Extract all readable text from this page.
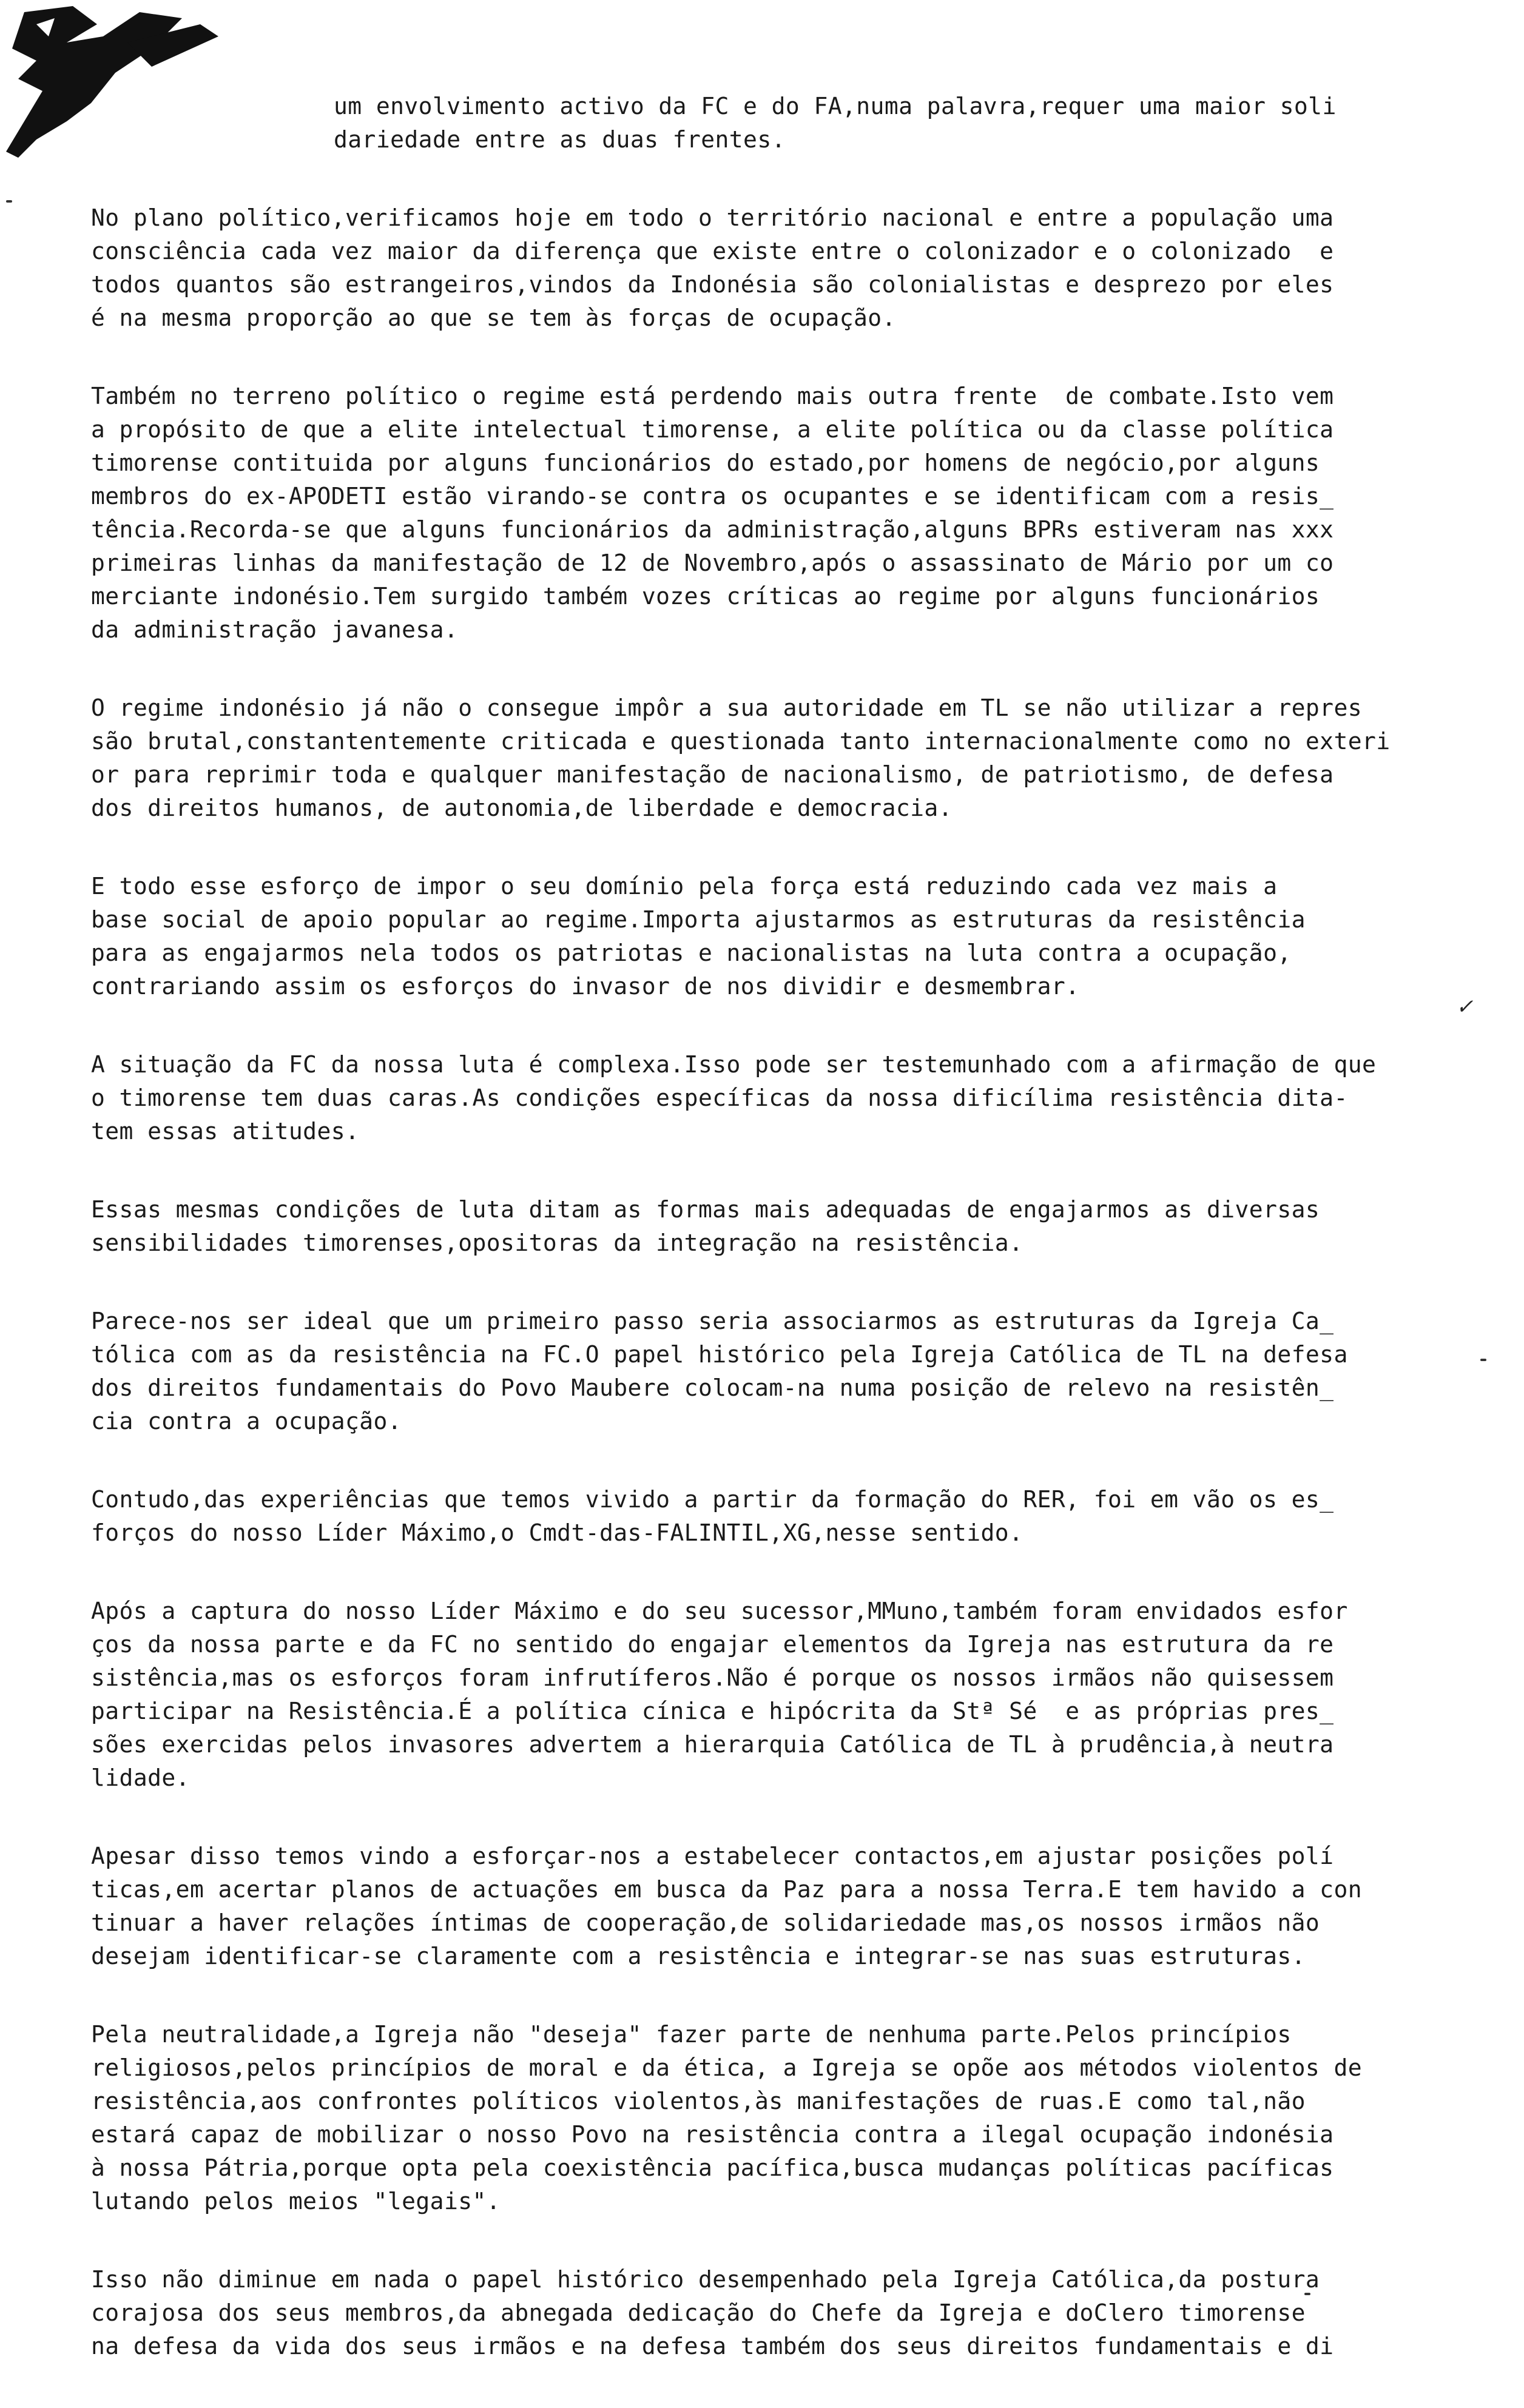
um envolvimento activo da FC e do FA,numa palavra,requer uma maior soli
dariedade entre as duas frentes.
No plano político,verificamos hoje em todo o território nacional e entre a população uma
consciência cada vez maior da diferença que existe entre o colonizador e o colonizado  e
todos quantos são estrangeiros,vindos da Indonésia são colonialistas e desprezo por eles
é na mesma proporção ao que se tem às forças de ocupação.
Também no terreno político o regime está perdendo mais outra frente  de combate.Isto vem
a propósito de que a elite intelectual timorense, a elite política ou da classe política
timorense contituida por alguns funcionários do estado,por homens de negócio,por alguns
membros do ex-APODETI estão virando-se contra os ocupantes e se identificam com a resis_
tência.Recorda-se que alguns funcionários da administração,alguns BPRs estiveram nas xxx
primeiras linhas da manifestação de 12 de Novembro,após o assassinato de Mário por um co
merciante indonésio.Tem surgido também vozes críticas ao regime por alguns funcionários
da administração javanesa.
O regime indonésio já não o consegue impôr a sua autoridade em TL se não utilizar a repres
são brutal,constantentemente criticada e questionada tanto internacionalmente como no exteri
or para reprimir toda e qualquer manifestação de nacionalismo, de patriotismo, de defesa
dos direitos humanos, de autonomia,de liberdade e democracia.
E todo esse esforço de impor o seu domínio pela força está reduzindo cada vez mais a
base social de apoio popular ao regime.Importa ajustarmos as estruturas da resistência
para as engajarmos nela todos os patriotas e nacionalistas na luta contra a ocupação,
contrariando assim os esforços do invasor de nos dividir e desmembrar.
A situação da FC da nossa luta é complexa.Isso pode ser testemunhado com a afirmação de que
o timorense tem duas caras.As condições específicas da nossa dificílima resistência dita-
tem essas atitudes.
Essas mesmas condições de luta ditam as formas mais adequadas de engajarmos as diversas
sensibilidades timorenses,opositoras da integração na resistência.
Parece-nos ser ideal que um primeiro passo seria associarmos as estruturas da Igreja Ca_
tólica com as da resistência na FC.O papel histórico pela Igreja Católica de TL na defesa
dos direitos fundamentais do Povo Maubere colocam-na numa posição de relevo na resistên_
cia contra a ocupação.
Contudo,das experiências que temos vivido a partir da formação do RER, foi em vão os es_
forços do nosso Líder Máximo,o Cmdt-das-FALINTIL,XG,nesse sentido.
Após a captura do nosso Líder Máximo e do seu sucessor,MMuno,também foram envidados esfor
ços da nossa parte e da FC no sentido do engajar elementos da Igreja nas estrutura da re
sistência,mas os esforços foram infrutíferos.Não é porque os nossos irmãos não quisessem
participar na Resistência.É a política cínica e hipócrita da Stª Sé  e as próprias pres_
sões exercidas pelos invasores advertem a hierarquia Católica de TL à prudência,à neutra
lidade.
Apesar disso temos vindo a esforçar-nos a estabelecer contactos,em ajustar posições polí
ticas,em acertar planos de actuações em busca da Paz para a nossa Terra.E tem havido a con
tinuar a haver relações íntimas de cooperação,de solidariedade mas,os nossos irmãos não
desejam identificar-se claramente com a resistência e integrar-se nas suas estruturas.
Pela neutralidade,a Igreja não "deseja" fazer parte de nenhuma parte.Pelos princípios
religiosos,pelos princípios de moral e da ética, a Igreja se opõe aos métodos violentos de
resistência,aos confrontes políticos violentos,às manifestações de ruas.E como tal,não
estará capaz de mobilizar o nosso Povo na resistência contra a ilegal ocupação indonésia
à nossa Pátria,porque opta pela coexistência pacífica,busca mudanças políticas pacíficas
lutando pelos meios "legais".
Isso não diminue em nada o papel histórico desempenhado pela Igreja Católica,da postura
corajosa dos seus membros,da abnegada dedicação do Chefe da Igreja e doClero timorense
na defesa da vida dos seus irmãos e na defesa também dos seus direitos fundamentais e di
✓
